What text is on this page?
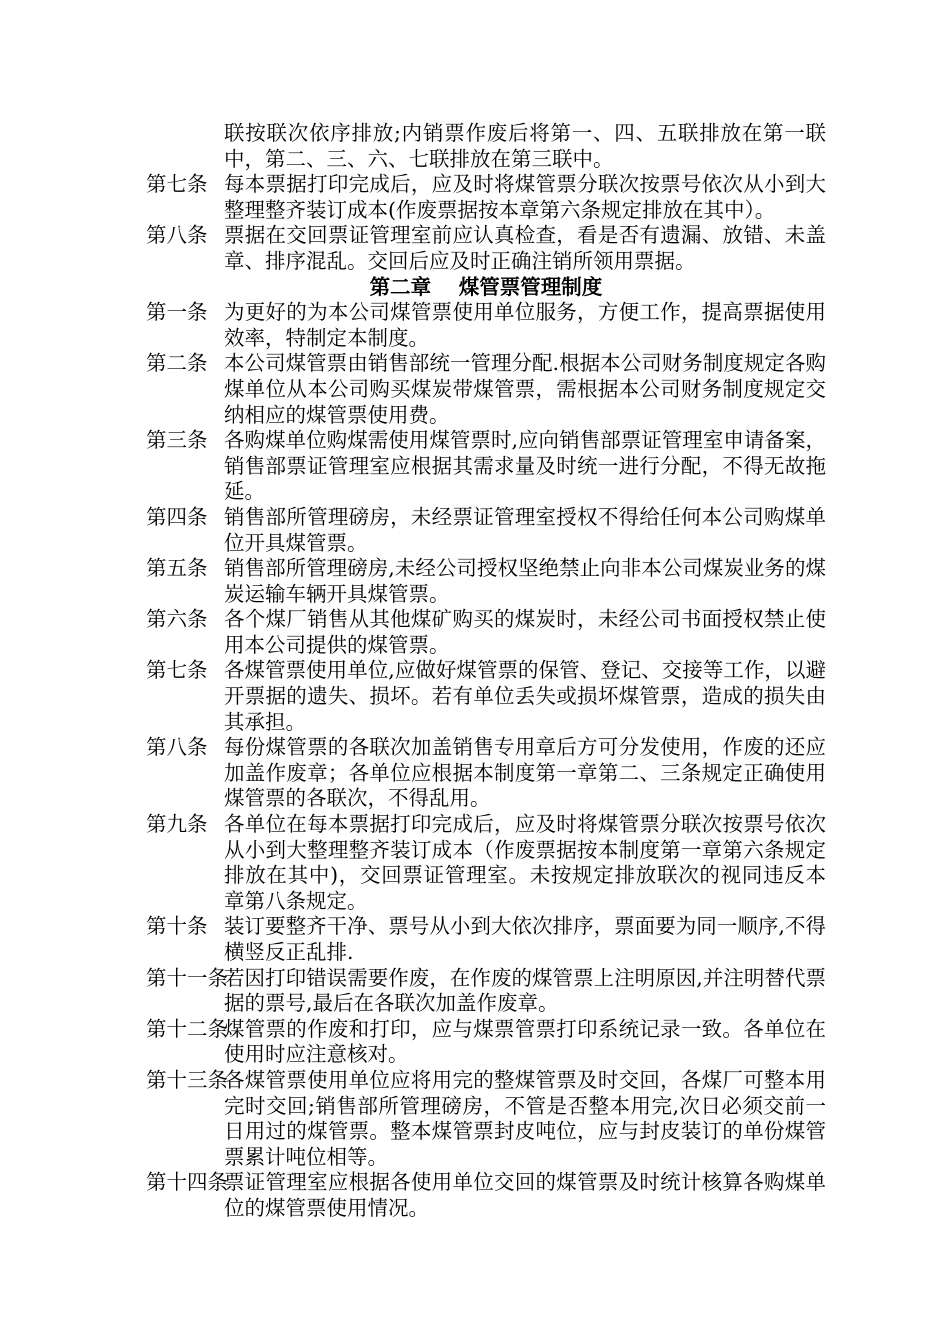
联按联次依序排放;内销票作废后将第一、四、五联排放在第一联中，第二、三、六、七联排放在第三联中。

第七条 每本票据打印完成后，应及时将煤管票分联次按票号依次从小到大整理整齐装订成本(作废票据按本章第六条规定排放在其中）。

第八条 票据在交回票证管理室前应认真检查，看是否有遗漏、放错、未盖章、排序混乱。交回后应及时正确注销所领用票据。

第二章　 煤管票管理制度

第一条 为更好的为本公司煤管票使用单位服务，方便工作，提高票据使用效率，特制定本制度。

第二条 本公司煤管票由销售部统一管理分配.根据本公司财务制度规定各购煤单位从本公司购买煤炭带煤管票，需根据本公司财务制度规定交纳相应的煤管票使用费。

第三条 各购煤单位购煤需使用煤管票时,应向销售部票证管理室申请备案，销售部票证管理室应根据其需求量及时统一进行分配，不得无故拖延。

第四条 销售部所管理磅房，未经票证管理室授权不得给任何本公司购煤单位开具煤管票。

第五条 销售部所管理磅房,未经公司授权坚绝禁止向非本公司煤炭业务的煤炭运输车辆开具煤管票。

第六条 各个煤厂销售从其他煤矿购买的煤炭时，未经公司书面授权禁止使用本公司提供的煤管票。

第七条 各煤管票使用单位,应做好煤管票的保管、登记、交接等工作，以避开票据的遗失、损坏。若有单位丢失或损坏煤管票，造成的损失由其承担。

第八条 每份煤管票的各联次加盖销售专用章后方可分发使用，作废的还应加盖作废章；各单位应根据本制度第一章第二、三条规定正确使用煤管票的各联次，不得乱用。

第九条 各单位在每本票据打印完成后，应及时将煤管票分联次按票号依次从小到大整理整齐装订成本（作废票据按本制度第一章第六条规定排放在其中)，交回票证管理室。未按规定排放联次的视同违反本章第八条规定。

第十条 装订要整齐干净、票号从小到大依次排序，票面要为同一顺序,不得横竖反正乱排.

第十一条
若因打印错误需要作废，在作废的煤管票上注明原因,并注明替代票据的票号,最后在各联次加盖作废章。

第十二条
煤管票的作废和打印，应与煤票管票打印系统记录一致。各单位在使用时应注意核对。

第十三条
各煤管票使用单位应将用完的整煤管票及时交回，各煤厂可整本用完时交回;销售部所管理磅房，不管是否整本用完,次日必须交前一日用过的煤管票。整本煤管票封皮吨位，应与封皮装订的单份煤管票累计吨位相等。

第十四条
票证管理室应根据各使用单位交回的煤管票及时统计核算各购煤单位的煤管票使用情况。
